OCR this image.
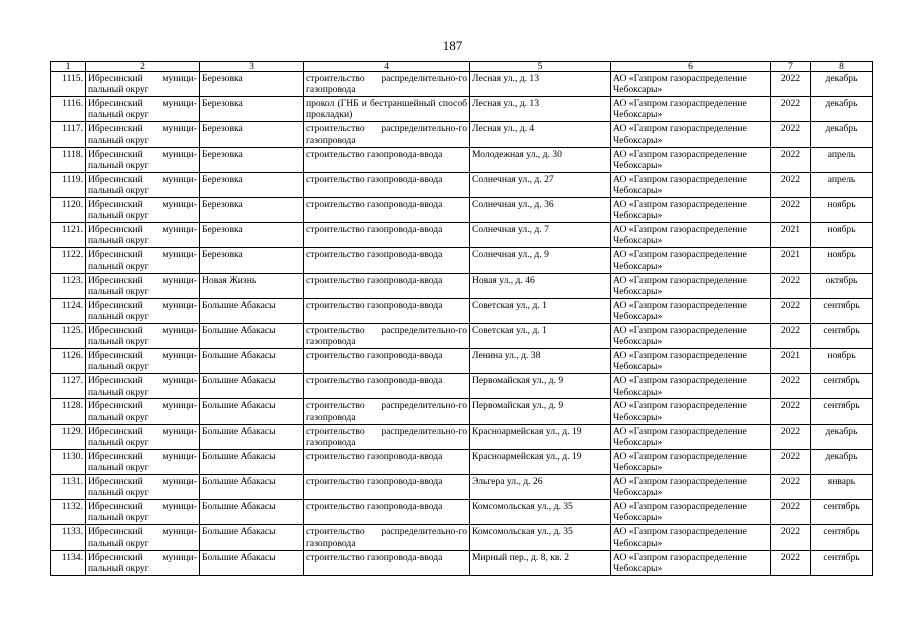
187
1	2	3	4	5	6	7	8
1115.	Ибресинский муници-пальный округ	Березовка	строительство распределительно-го газопровода	Лесная ул., д. 13	АО «Газпром газораспределение Чебоксары»	2022	декабрь
1116.	Ибресинский муници-пальный округ	Березовка	прокол (ГНБ и бестраншейный способ прокладки)	Лесная ул., д. 13	АО «Газпром газораспределение Чебоксары»	2022	декабрь
1117.	Ибресинский муници-пальный округ	Березовка	строительство распределительно-го газопровода	Лесная ул., д. 4	АО «Газпром газораспределение Чебоксары»	2022	декабрь
1118.	Ибресинский муници-пальный округ	Березовка	строительство газопровода-ввода	Молодежная ул., д. 30	АО «Газпром газораспределение Чебоксары»	2022	апрель
1119.	Ибресинский муници-пальный округ	Березовка	строительство газопровода-ввода	Солнечная ул., д. 27	АО «Газпром газораспределение Чебоксары»	2022	апрель
1120.	Ибресинский муници-пальный округ	Березовка	строительство газопровода-ввода	Солнечная ул., д. 36	АО «Газпром газораспределение Чебоксары»	2022	ноябрь
1121.	Ибресинский муници-пальный округ	Березовка	строительство газопровода-ввода	Солнечная ул., д. 7	АО «Газпром газораспределение Чебоксары»	2021	ноябрь
1122.	Ибресинский муници-пальный округ	Березовка	строительство газопровода-ввода	Солнечная ул., д. 9	АО «Газпром газораспределение Чебоксары»	2021	ноябрь
1123.	Ибресинский муници-пальный округ	Новая Жизнь	строительство газопровода-ввода	Новая ул., д. 46	АО «Газпром газораспределение Чебоксары»	2022	октябрь
1124.	Ибресинский муници-пальный округ	Большие Абакасы	строительство газопровода-ввода	Советская ул., д. 1	АО «Газпром газораспределение Чебоксары»	2022	сентябрь
1125.	Ибресинский муници-пальный округ	Большие Абакасы	строительство распределительно-го газопровода	Советская ул., д. 1	АО «Газпром газораспределение Чебоксары»	2022	сентябрь
1126.	Ибресинский муници-пальный округ	Большие Абакасы	строительство газопровода-ввода	Ленина ул., д. 38	АО «Газпром газораспределение Чебоксары»	2021	ноябрь
1127.	Ибресинский муници-пальный округ	Большие Абакасы	строительство газопровода-ввода	Первомайская ул., д. 9	АО «Газпром газораспределение Чебоксары»	2022	сентябрь
1128.	Ибресинский муници-пальный округ	Большие Абакасы	строительство распределительно-го газопровода	Первомайская ул., д. 9	АО «Газпром газораспределение Чебоксары»	2022	сентябрь
1129.	Ибресинский муници-пальный округ	Большие Абакасы	строительство распределительно-го газопровода	Красноармейская ул., д. 19	АО «Газпром газораспределение Чебоксары»	2022	декабрь
1130.	Ибресинский муници-пальный округ	Большие Абакасы	строительство газопровода-ввода	Красноармейская ул., д. 19	АО «Газпром газораспределение Чебоксары»	2022	декабрь
1131.	Ибресинский муници-пальный округ	Большие Абакасы	строительство газопровода-ввода	Эльгера ул., д. 26	АО «Газпром газораспределение Чебоксары»	2022	январь
1132.	Ибресинский муници-пальный округ	Большие Абакасы	строительство газопровода-ввода	Комсомольская ул., д. 35	АО «Газпром газораспределение Чебоксары»	2022	сентябрь
1133.	Ибресинский муници-пальный округ	Большие Абакасы	строительство распределительно-го газопровода	Комсомольская ул., д. 35	АО «Газпром газораспределение Чебоксары»	2022	сентябрь
1134.	Ибресинский муници-пальный округ	Большие Абакасы	строительство газопровода-ввода	Мирный пер., д. 8, кв. 2	АО «Газпром газораспределение Чебоксары»	2022	сентябрь
